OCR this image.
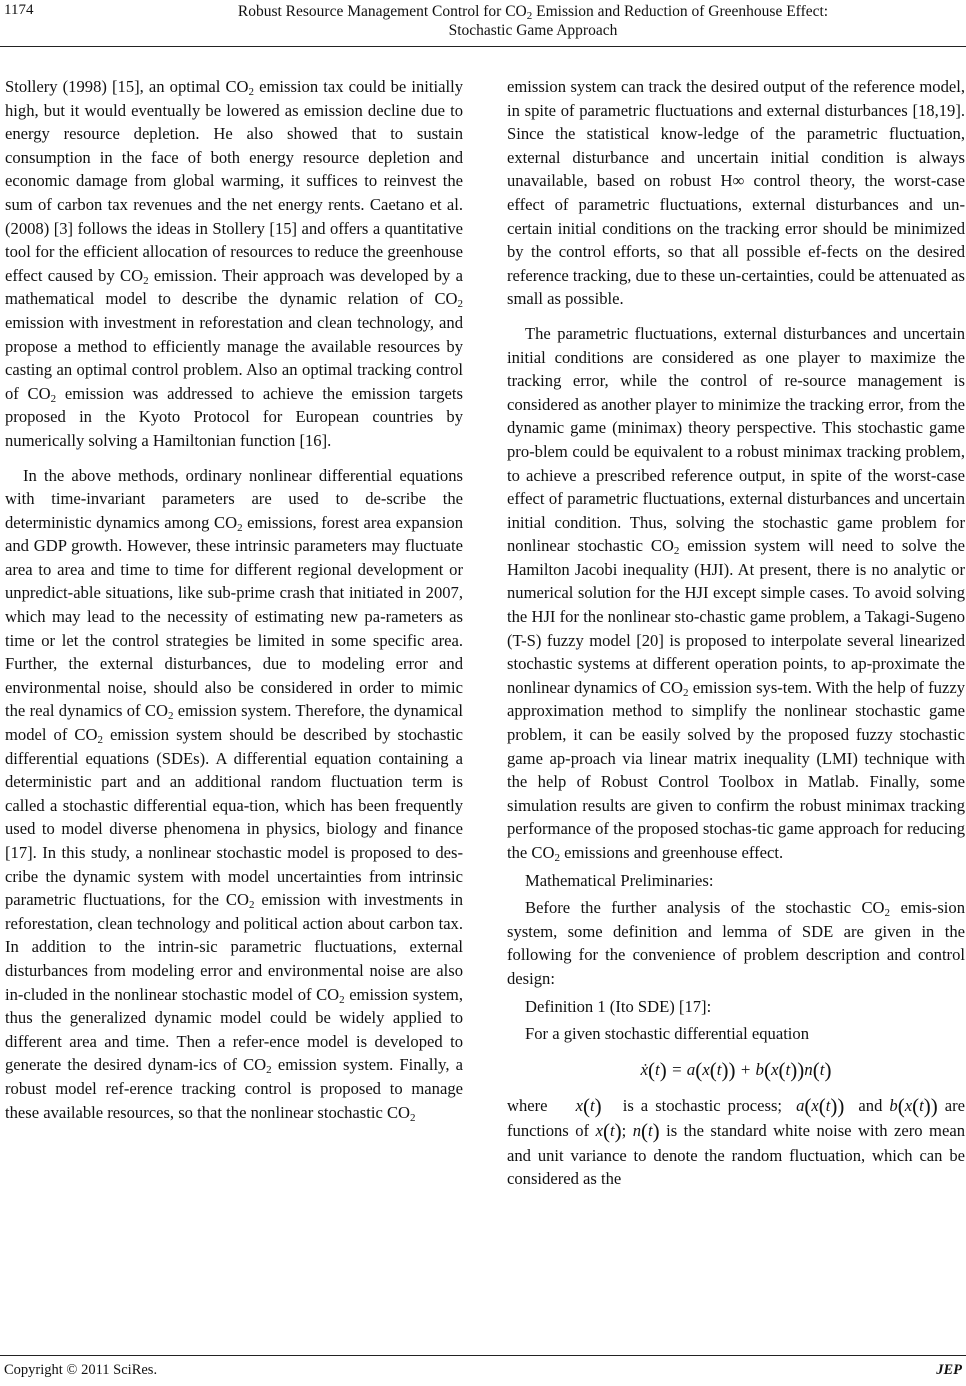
1174	Robust Resource Management Control for $CO_2$ Emission and Reduction of Greenhouse Effect:
Stochastic Game Approach

Stollery (1998) [15], an optimal $CO_2$ emission tax could be initially high, but it would eventually be lowered as emission decline due to energy resource depletion. He also showed that to sustain consumption in the face of both energy resource depletion and economic damage from global warming, it suffices to reinvest the sum of carbon tax revenues and the net energy rents. Caetano et al. (2008) [3] follows the ideas in Stollery [15] and offers a quantitative tool for the efficient allocation of resources to reduce the greenhouse effect caused by $CO_2$ emission. Their approach was developed by a mathematical model to describe the dynamic relation of $CO_2$ emission with investment in reforestation and clean technology, and propose a method to efficiently manage the available resources by casting an optimal control problem. Also an optimal tracking control of $CO_2$ emission was addressed to achieve the emission targets proposed in the Kyoto Protocol for European countries by numerically solving a Hamiltonian function [16].

In the above methods, ordinary nonlinear differential equations with time-invariant parameters are used to de-scribe the deterministic dynamics among $CO_2$ emissions, forest area expansion and GDP growth. However, these intrinsic parameters may fluctuate area to area and time to time for different regional development or unpredict-able situations, like sub-prime crash that initiated in 2007, which may lead to the necessity of estimating new pa-rameters as time or let the control strategies be limited in some specific area. Further, the external disturbances, due to modeling error and environmental noise, should also be considered in order to mimic the real dynamics of $CO_2$ emission system. Therefore, the dynamical model of $CO_2$ emission system should be described by stochastic differential equations (SDEs). A differential equation containing a deterministic part and an additional random fluctuation term is called a stochastic differential equa-tion, which has been frequently used to model diverse phenomena in physics, biology and finance [17]. In this study, a nonlinear stochastic model is proposed to des-cribe the dynamic system with model uncertainties from intrinsic parametric fluctuations, for the $CO_2$ emission with investments in reforestation, clean technology and political action about carbon tax. In addition to the intrin-sic parametric fluctuations, external disturbances from modeling error and environmental noise are also in-cluded in the nonlinear stochastic model of $CO_2$ emission system, thus the generalized dynamic model could be widely applied to different area and time. Then a refer-ence model is developed to generate the desired dynam-ics of $CO_2$ emission system. Finally, a robust model ref-erence tracking control is proposed to manage these available resources, so that the nonlinear stochastic $CO_2$

emission system can track the desired output of the reference model, in spite of parametric fluctuations and external disturbances [18,19]. Since the statistical know-ledge of the parametric fluctuation, external disturbance and uncertain initial condition is always unavailable, based on robust H∞ control theory, the worst-case effect of parametric fluctuations, external disturbances and un-certain initial conditions on the tracking error should be minimized by the control efforts, so that all possible ef-fects on the desired reference tracking, due to these un-certainties, could be attenuated as small as possible.

The parametric fluctuations, external disturbances and uncertain initial conditions are considered as one player to maximize the tracking error, while the control of re-source management is considered as another player to minimize the tracking error, from the dynamic game (minimax) theory perspective. This stochastic game pro-blem could be equivalent to a robust minimax tracking problem, to achieve a prescribed reference output, in spite of the worst-case effect of parametric fluctuations, external disturbances and uncertain initial condition. Thus, solving the stochastic game problem for nonlinear stochastic $CO_2$ emission system will need to solve the Hamilton Jacobi inequality (HJI). At present, there is no analytic or numerical solution for the HJI except simple cases. To avoid solving the HJI for the nonlinear sto-chastic game problem, a Takagi-Sugeno (T-S) fuzzy model [20] is proposed to interpolate several linearized stochastic systems at different operation points, to ap-proximate the nonlinear dynamics of $CO_2$ emission sys-tem. With the help of fuzzy approximation method to simplify the nonlinear stochastic game problem, it can be easily solved by the proposed fuzzy stochastic game ap-proach via linear matrix inequality (LMI) technique with the help of Robust Control Toolbox in Matlab. Finally, some simulation results are given to confirm the robust minimax tracking performance of the proposed stochas-tic game approach for reducing the $CO_2$ emissions and greenhouse effect.

Mathematical Preliminaries:

Before the further analysis of the stochastic $CO_2$ emis-sion system, some definition and lemma of SDE are given in the following for the convenience of problem description and control design:

Definition 1 (Ito SDE) [17]:

For a given stochastic differential equation

ẋ(t) = a(x(t)) + b(x(t))n(t)

where x(t) is a stochastic process; a(x(t)) and b(x(t)) are functions of x(t); n(t) is the standard white noise with zero mean and unit variance to denote the random fluctuation, which can be considered as the

Copyright © 2011 SciRes.	JEP
